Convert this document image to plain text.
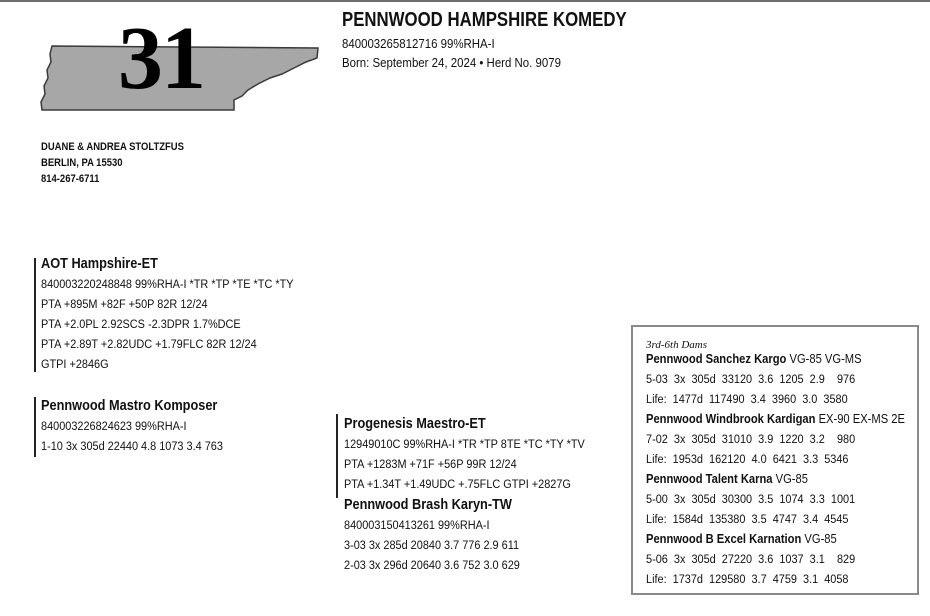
31	PENNWOOD HAMPSHIRE KOMEDY
840003265812716 99%RHA-I
Born: September 24, 2024 • Herd No. 9079
DUANE & ANDREA STOLTZFUS
BERLIN, PA 15530
814-267-6711
AOT Hampshire-ET
840003220248848 99%RHA-I *TR *TP *TE *TC *TY
PTA +895M +82F +50P 82R 12/24
PTA +2.0PL 2.92SCS -2.3DPR 1.7%DCE
PTA +2.89T +2.82UDC +1.79FLC 82R 12/24
GTPI +2846G
Pennwood Mastro Komposer
840003226824623 99%RHA-I
1-10 3x 305d 22440 4.8 1073 3.4 763
Progenesis Maestro-ET
12949010C 99%RHA-I *TR *TP 8TE *TC *TY *TV
PTA +1283M +71F +56P 99R 12/24
PTA +1.34T +1.49UDC +.75FLC GTPI +2827G
Pennwood Brash Karyn-TW
840003150413261 99%RHA-I
3-03 3x 285d 20840 3.7 776 2.9 611
2-03 3x 296d 20640 3.6 752 3.0 629
3rd-6th Dams
Pennwood Sanchez Kargo VG-85 VG-MS
5-03  3x  305d  33120  3.6  1205  2.9    976
Life:  1477d  117490  3.4  3960  3.0  3580
Pennwood Windbrook Kardigan EX-90 EX-MS 2E
7-02  3x  305d  31010  3.9  1220  3.2    980
Life:  1953d  162120  4.0  6421  3.3  5346
Pennwood Talent Karna VG-85
5-00  3x  305d  30300  3.5  1074  3.3  1001
Life:  1584d  135380  3.5  4747  3.4  4545
Pennwood B Excel Karnation VG-85
5-06  3x  305d  27220  3.6  1037  3.1    829
Life:  1737d  129580  3.7  4759  3.1  4058
